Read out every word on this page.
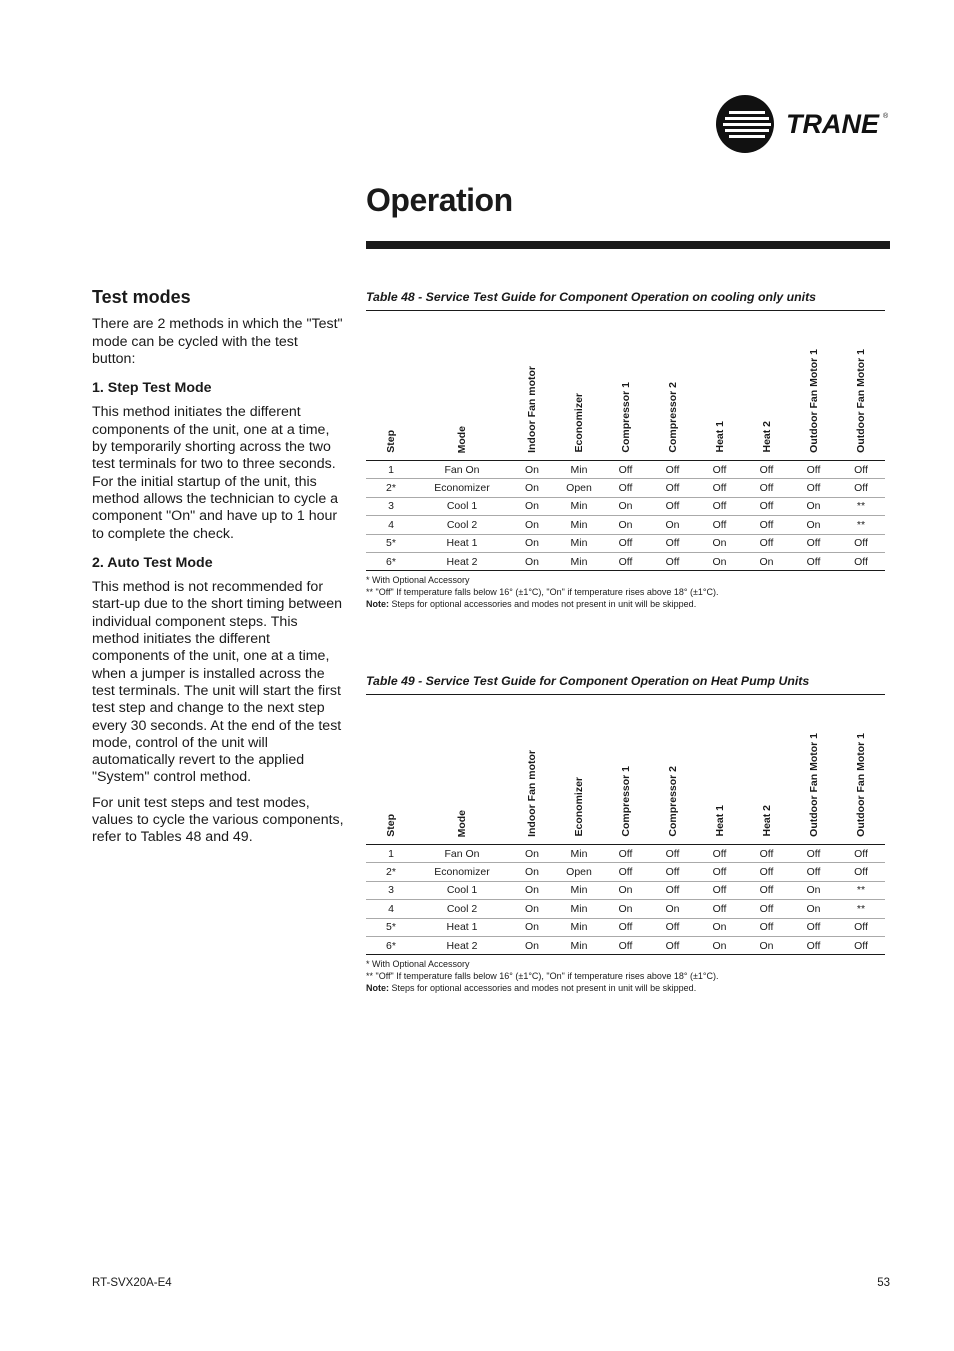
TRANE ®
Operation
Test modes

There are 2 methods in which the "Test" mode can be cycled with the test button:

1. Step Test Mode

This method initiates the different components of the unit, one at a time, by temporarily shorting across the two test terminals for two to three seconds. For the initial startup of the unit, this method allows the technician to cycle a component "On" and have up to 1 hour to complete the check.

2. Auto Test Mode

This method is not recommended for start-up due to the short timing between individual component steps. This method initiates the different components of the unit, one at a time, when a jumper is installed across the test terminals. The unit will start the first test step and change to the next step every 30 seconds. At the end of the test mode, control of the unit will automatically revert to the applied "System" control method.

For unit test steps and test modes, values to cycle the various components, refer to Tables 48 and 49.

Table 48 - Service Test Guide for Component Operation on cooling only units

Step	Mode	Indoor Fan motor	Economizer	Compressor 1	Compressor 2	Heat 1	Heat 2	Outdoor Fan Motor 1	Outdoor Fan Motor 1
1	Fan On	On	Min	Off	Off	Off	Off	Off	Off
2*	Economizer	On	Open	Off	Off	Off	Off	Off	Off
3	Cool 1	On	Min	On	Off	Off	Off	On	**
4	Cool 2	On	Min	On	On	Off	Off	On	**
5*	Heat 1	On	Min	Off	Off	On	Off	Off	Off
6*	Heat 2	On	Min	Off	Off	On	On	Off	Off
* With Optional Accessory
** "Off" If temperature falls below 16° (±1°C), "On" if temperature rises above 18° (±1°C).
Note: Steps for optional accessories and modes not present in unit will be skipped.

Table 49 - Service Test Guide for Component Operation on Heat Pump Units

Step	Mode	Indoor Fan motor	Economizer	Compressor 1	Compressor 2	Heat 1	Heat 2	Outdoor Fan Motor 1	Outdoor Fan Motor 1
1	Fan On	On	Min	Off	Off	Off	Off	Off	Off
2*	Economizer	On	Open	Off	Off	Off	Off	Off	Off
3	Cool 1	On	Min	On	Off	Off	Off	On	**
4	Cool 2	On	Min	On	On	Off	Off	On	**
5*	Heat 1	On	Min	Off	Off	On	Off	Off	Off
6*	Heat 2	On	Min	Off	Off	On	On	Off	Off
* With Optional Accessory
** "Off" If temperature falls below 16° (±1°C), "On" if temperature rises above 18° (±1°C).
Note: Steps for optional accessories and modes not present in unit will be skipped.
RT-SVX20A-E4	53
